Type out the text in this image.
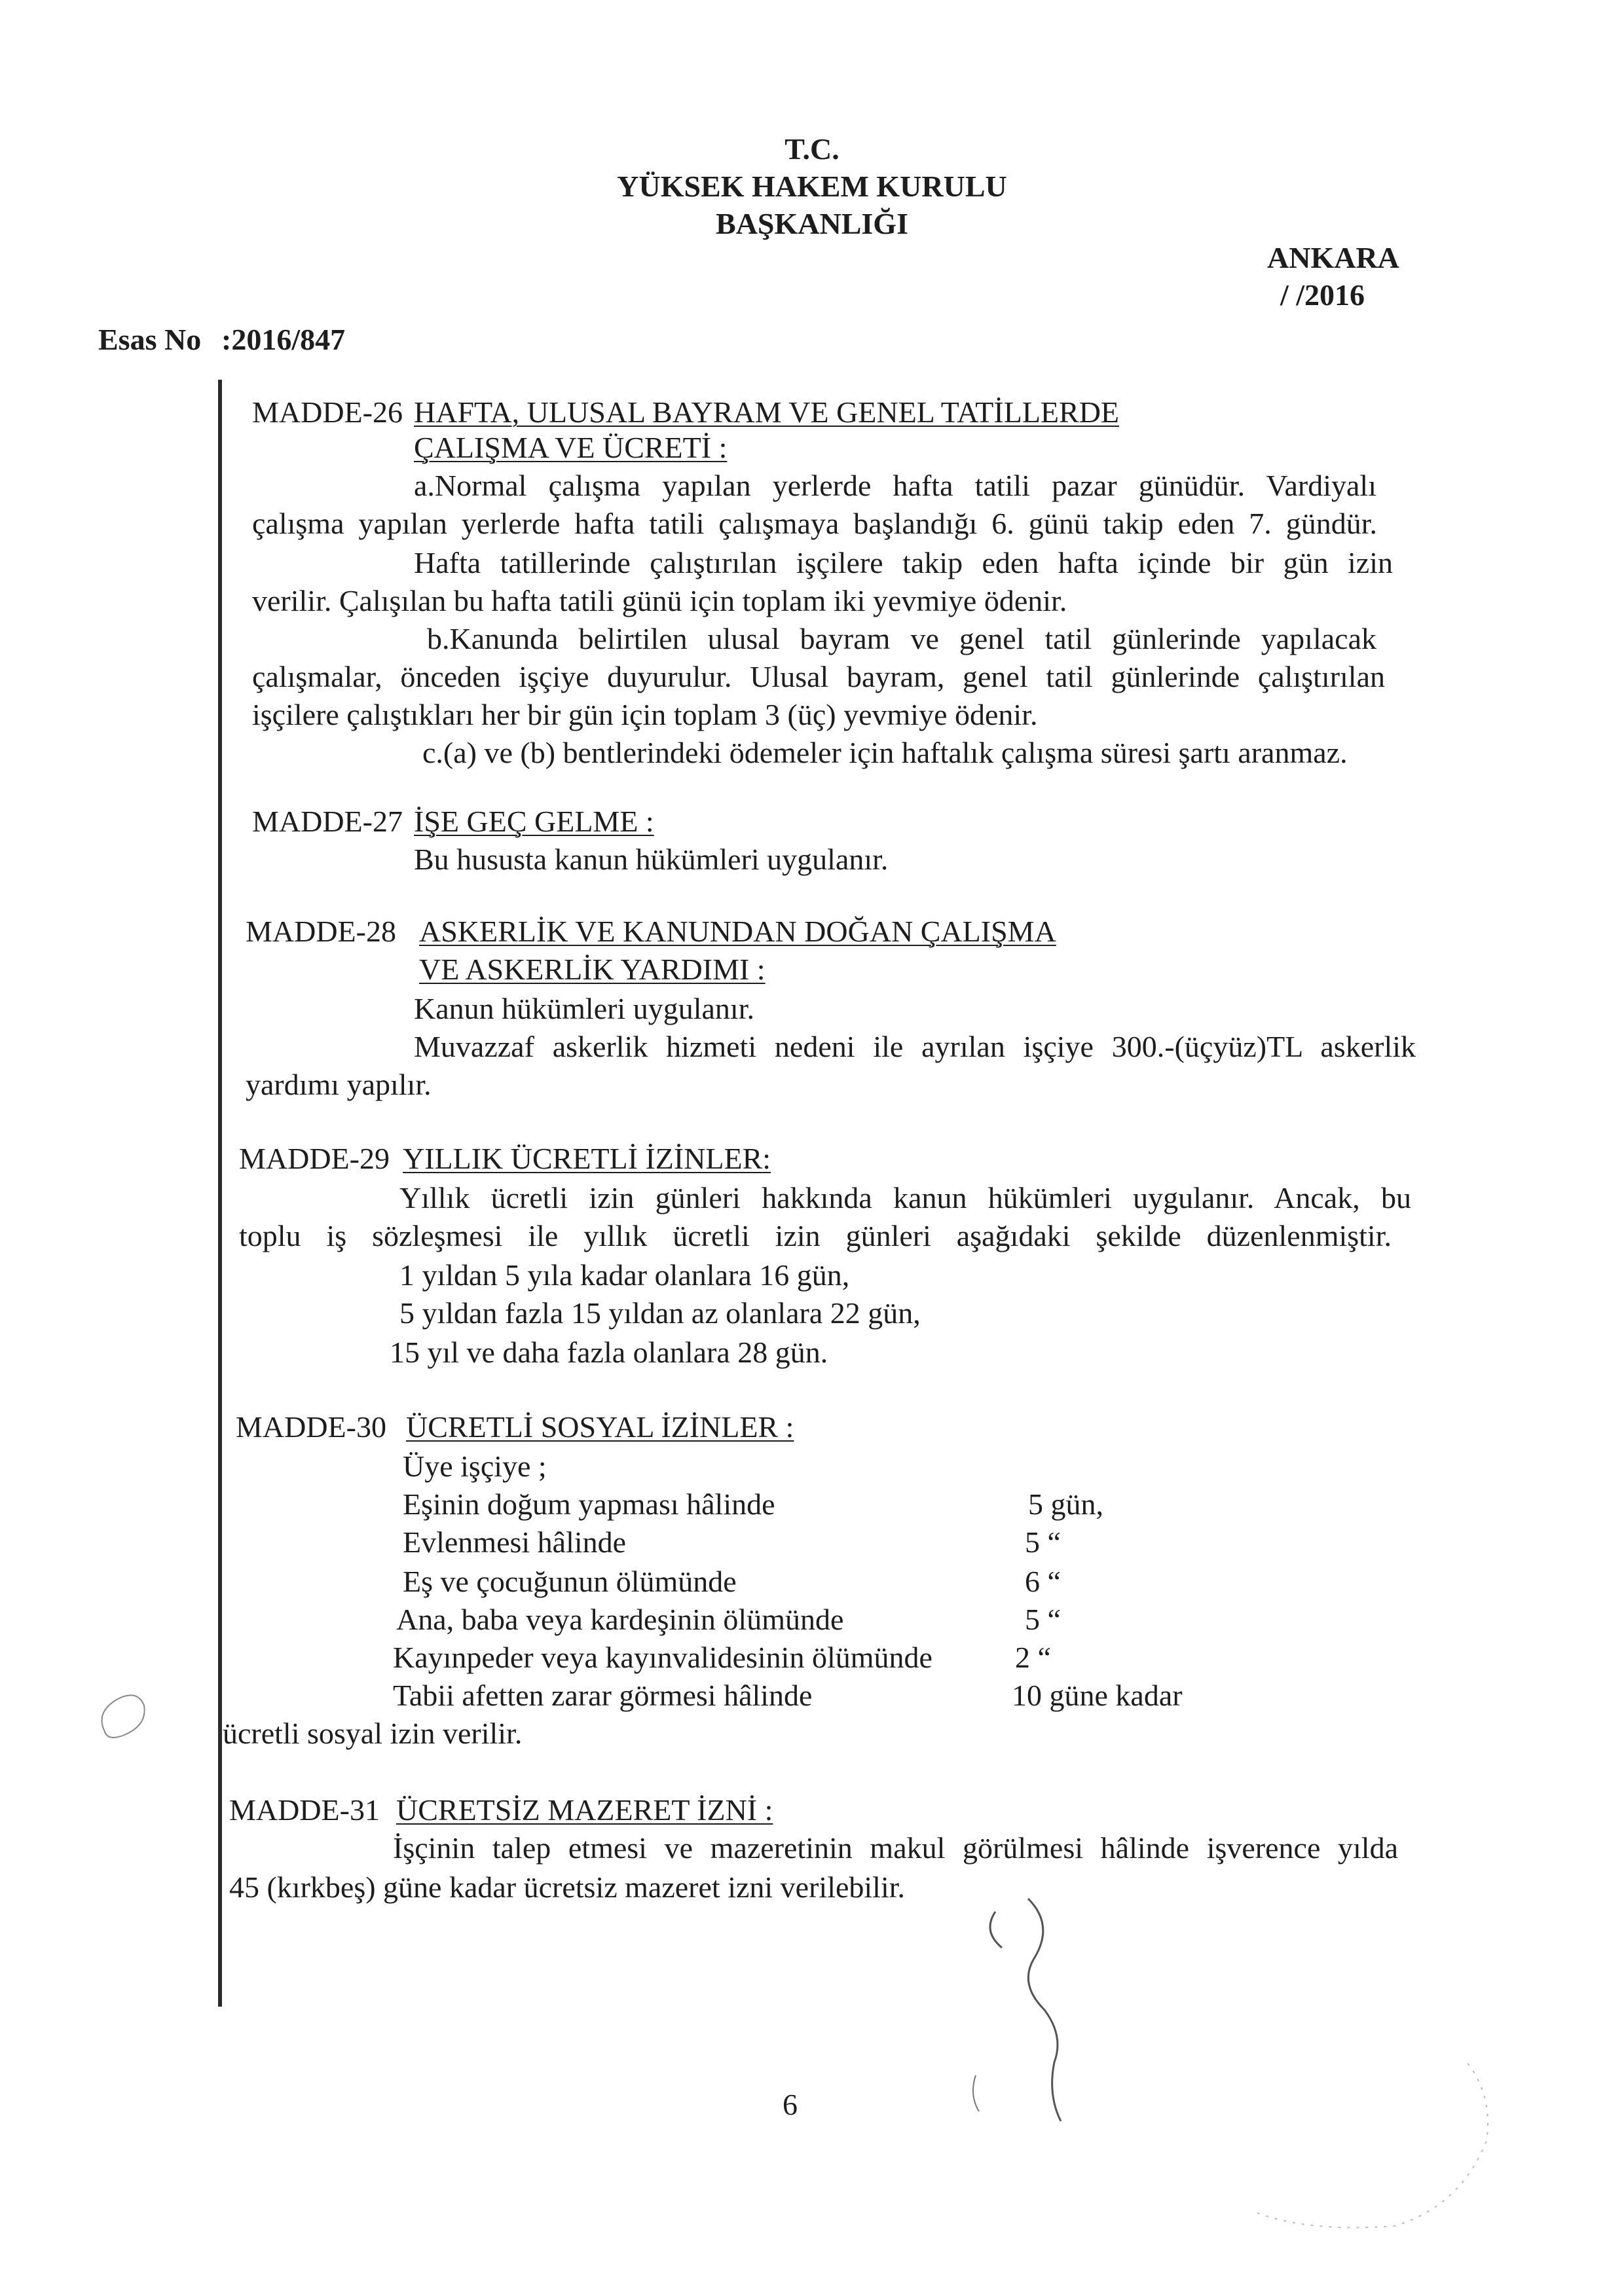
T.C.
YÜKSEK HAKEM KURULU
BAŞKANLIĞI
ANKARA
/ /2016
Esas No :2016/847
MADDE-26 HAFTA, ULUSAL BAYRAM VE GENEL TATİLLERDE
ÇALIŞMA VE ÜCRETİ :
a.Normal çalışma yapılan yerlerde hafta tatili pazar günüdür. Vardiyalı
çalışma yapılan yerlerde hafta tatili çalışmaya başlandığı 6. günü takip eden 7. gündür.
Hafta tatillerinde çalıştırılan işçilere takip eden hafta içinde bir gün izin
verilir. Çalışılan bu hafta tatili günü için toplam iki yevmiye ödenir.
b.Kanunda belirtilen ulusal bayram ve genel tatil günlerinde yapılacak
çalışmalar, önceden işçiye duyurulur. Ulusal bayram, genel tatil günlerinde çalıştırılan
işçilere çalıştıkları her bir gün için toplam 3 (üç) yevmiye ödenir.
c.(a) ve (b) bentlerindeki ödemeler için haftalık çalışma süresi şartı aranmaz.
MADDE-27 İŞE GEÇ GELME :
Bu hususta kanun hükümleri uygulanır.
MADDE-28 ASKERLİK VE KANUNDAN DOĞAN ÇALIŞMA
VE ASKERLİK YARDIMI :
Kanun hükümleri uygulanır.
Muvazzaf askerlik hizmeti nedeni ile ayrılan işçiye 300.-(üçyüz)TL askerlik
yardımı yapılır.
MADDE-29 YILLIK ÜCRETLİ İZİNLER:
Yıllık ücretli izin günleri hakkında kanun hükümleri uygulanır. Ancak, bu
toplu iş sözleşmesi ile yıllık ücretli izin günleri aşağıdaki şekilde düzenlenmiştir.
1 yıldan 5 yıla kadar olanlara 16 gün,
5 yıldan fazla 15 yıldan az olanlara 22 gün,
15 yıl ve daha fazla olanlara 28 gün.
MADDE-30 ÜCRETLİ SOSYAL İZİNLER :
Üye işçiye ;
Eşinin doğum yapması hâlinde	5 gün,
Evlenmesi hâlinde	5 “
Eş ve çocuğunun ölümünde	6 “
Ana, baba veya kardeşinin ölümünde	5 “
Kayınpeder veya kayınvalidesinin ölümünde	2 “
Tabii afetten zarar görmesi hâlinde	10 güne kadar
ücretli sosyal izin verilir.
MADDE-31 ÜCRETSİZ MAZERET İZNİ :
İşçinin talep etmesi ve mazeretinin makul görülmesi hâlinde işverence yılda
45 (kırkbeş) güne kadar ücretsiz mazeret izni verilebilir.
6
